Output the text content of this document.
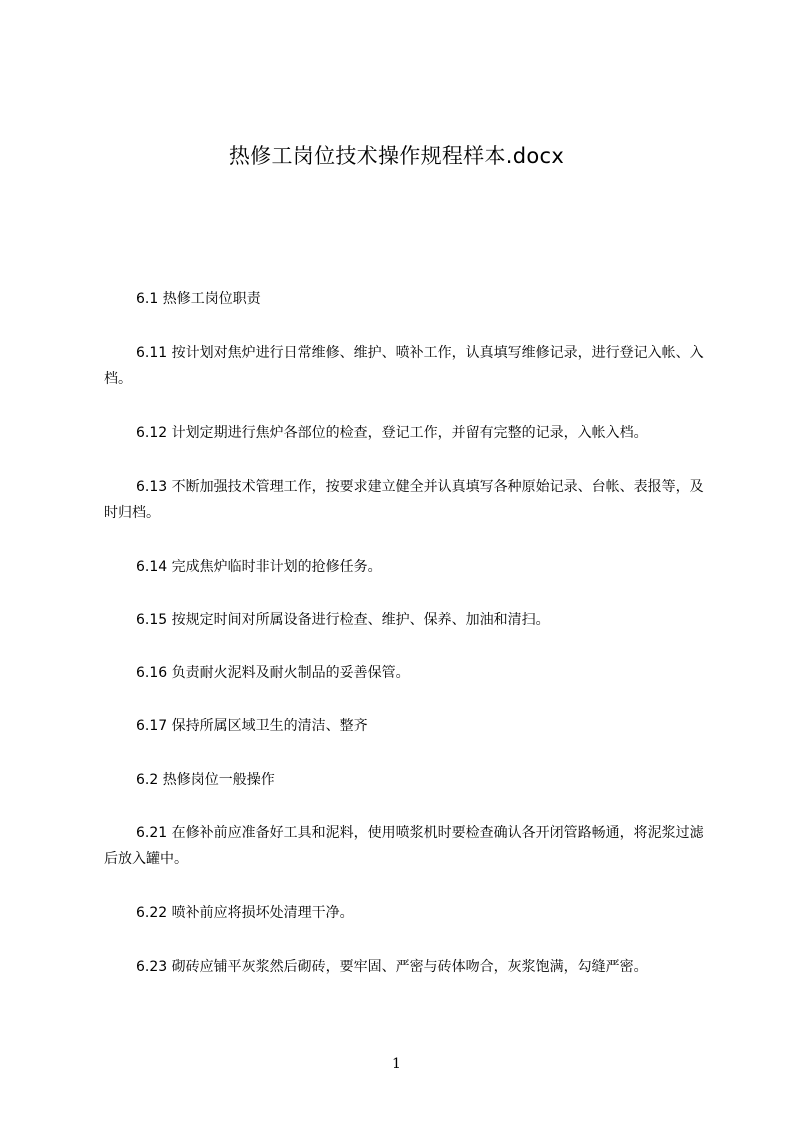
热修工岗位技术操作规程样本.docx

6.1 热修工岗位职责

6.11 按计划对焦炉进行日常维修、维护、喷补工作，认真填写维修记录，进行登记入帐、入档。

6.12 计划定期进行焦炉各部位的检查，登记工作，并留有完整的记录，入帐入档。

6.13 不断加强技术管理工作，按要求建立健全并认真填写各种原始记录、台帐、表报等，及时归档。

6.14 完成焦炉临时非计划的抢修任务。

6.15 按规定时间对所属设备进行检查、维护、保养、加油和清扫。

6.16 负责耐火泥料及耐火制品的妥善保管。

6.17 保持所属区域卫生的清洁、整齐

6.2 热修岗位一般操作

6.21 在修补前应准备好工具和泥料，使用喷浆机时要检查确认各开闭管路畅通，将泥浆过滤后放入罐中。

6.22 喷补前应将损坏处清理干净。

6.23 砌砖应铺平灰浆然后砌砖，要牢固、严密与砖体吻合，灰浆饱满，勾缝严密。

1
